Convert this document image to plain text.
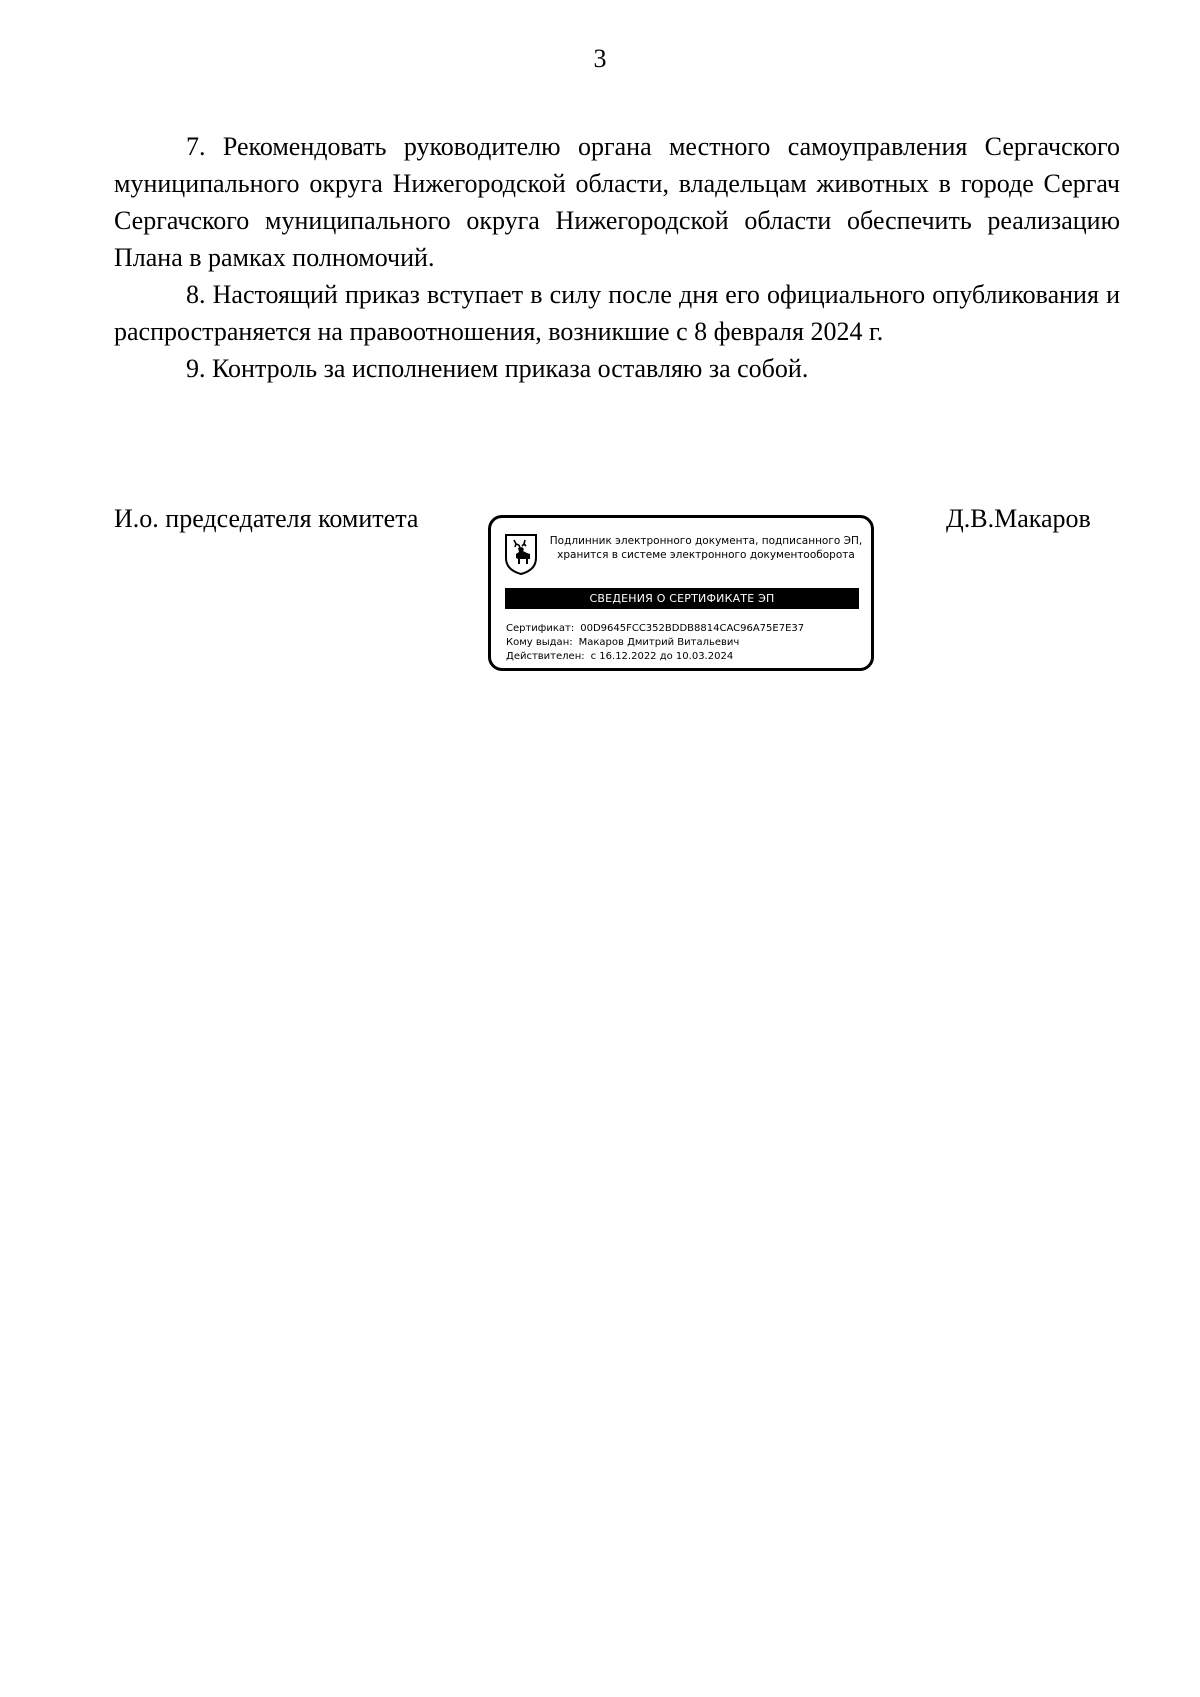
3

7. Рекомендовать руководителю органа местного самоуправления Сергачского муниципального округа Нижегородской области, владельцам животных в городе Сергач Сергачского муниципального округа Нижегородской области обеспечить реализацию Плана в рамках полномочий.

8. Настоящий приказ вступает в силу после дня его официального опубликования и распространяется на правоотношения, возникшие с 8 февраля 2024 г.

9. Контроль за исполнением приказа оставляю за собой.

И.о. председателя комитета
Подлинник электронного документа, подписанного ЭП,
хранится в системе электронного документооборота
СВЕДЕНИЯ О СЕРТИФИКАТЕ ЭП
Сертификат: 00D9645FCC352BDDB8814CAC96A75E7E37
Кому выдан: Макаров Дмитрий Витальевич
Действителен: с 16.12.2022 до 10.03.2024
Д.В.Макаров
